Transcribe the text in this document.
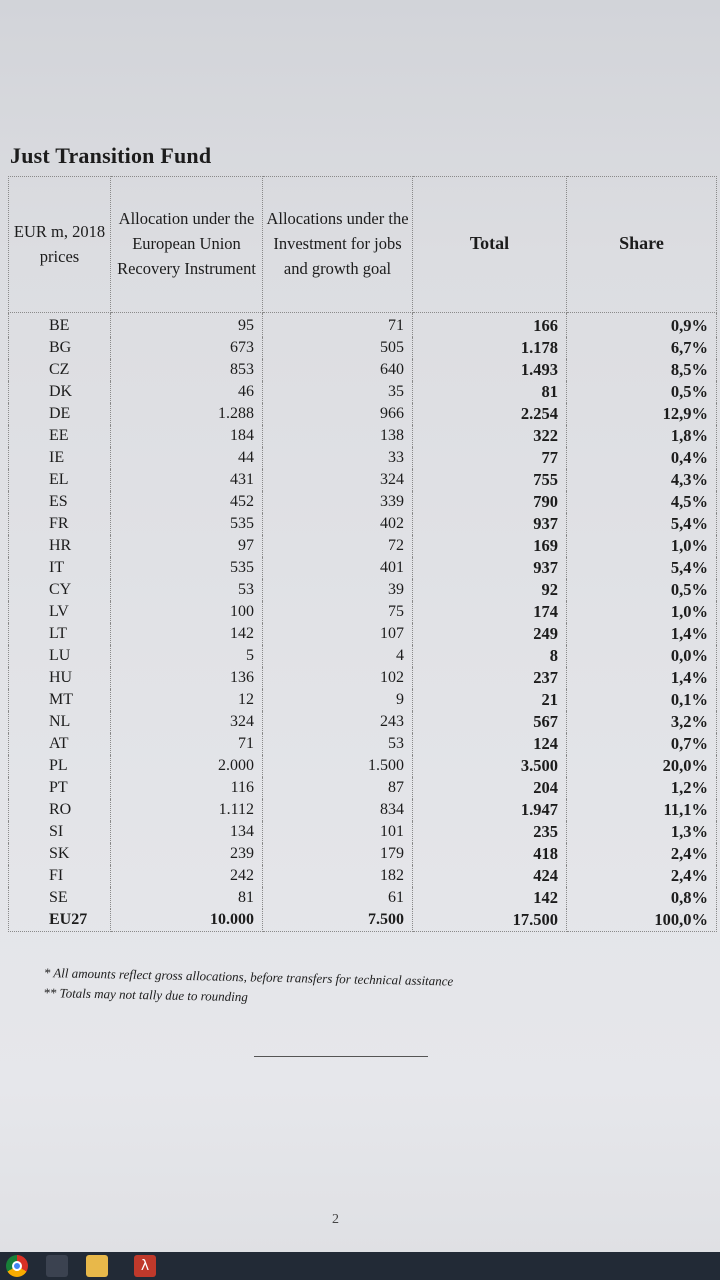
Just Transition Fund
EUR m, 2018 prices	Allocation under the European Union Recovery Instrument	Allocations under the Investment for jobs and growth goal	Total	Share
BE	95	71	166	0,9%
BG	673	505	1.178	6,7%
CZ	853	640	1.493	8,5%
DK	46	35	81	0,5%
DE	1.288	966	2.254	12,9%
EE	184	138	322	1,8%
IE	44	33	77	0,4%
EL	431	324	755	4,3%
ES	452	339	790	4,5%
FR	535	402	937	5,4%
HR	97	72	169	1,0%
IT	535	401	937	5,4%
CY	53	39	92	0,5%
LV	100	75	174	1,0%
LT	142	107	249	1,4%
LU	5	4	8	0,0%
HU	136	102	237	1,4%
MT	12	9	21	0,1%
NL	324	243	567	3,2%
AT	71	53	124	0,7%
PL	2.000	1.500	3.500	20,0%
PT	116	87	204	1,2%
RO	1.112	834	1.947	11,1%
SI	134	101	235	1,3%
SK	239	179	418	2,4%
FI	242	182	424	2,4%
SE	81	61	142	0,8%
EU27	10.000	7.500	17.500	100,0%
* All amounts reflect gross allocations, before transfers for technical assitance
** Totals may not tally due to rounding
2
λ
